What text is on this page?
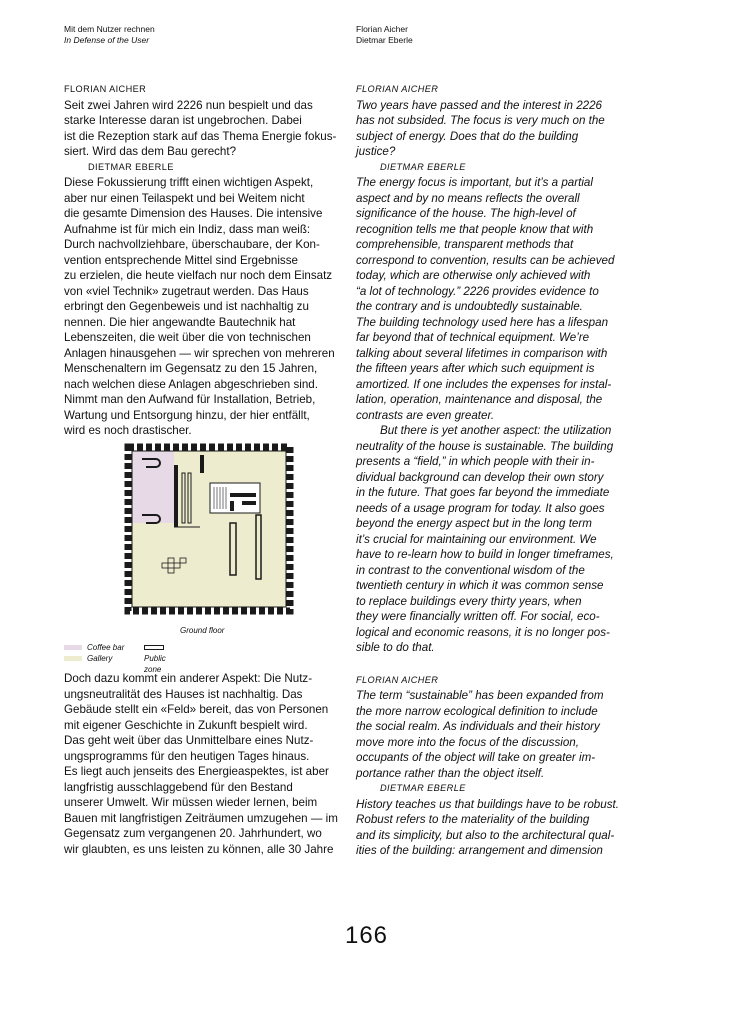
Mit dem Nutzer rechnen
In Defense of the User
Florian Aicher
Dietmar Eberle
FLORIAN AICHER
Seit zwei Jahren wird 2226 nun bespielt und das
starke Interesse daran ist ungebrochen. Dabei
ist die Rezeption stark auf das Thema Energie fokus-
siert. Wird das dem Bau gerecht?
DIETMAR EBERLE
Diese Fokussierung trifft einen wichtigen Aspekt,
aber nur einen Teilaspekt und bei Weitem nicht
die gesamte Dimension des Hauses. Die intensive
Aufnahme ist für mich ein Indiz, dass man weiß:
Durch nachvollziehbare, überschaubare, der Kon-
vention entsprechende Mittel sind Ergebnisse
zu erzielen, die heute vielfach nur noch dem Einsatz
von «viel Technik» zugetraut werden. Das Haus
erbringt den Gegenbeweis und ist nachhaltig zu
nennen. Die hier angewandte Bautechnik hat
Lebenszeiten, die weit über die von technischen
Anlagen hinausgehen — wir sprechen von mehreren
Menschenaltern im Gegensatz zu den 15 Jahren,
nach welchen diese Anlagen abgeschrieben sind.
Nimmt man den Aufwand für Installation, Betrieb,
Wartung und Entsorgung hinzu, der hier entfällt,
wird es noch drastischer.
Ground floor
Coffee bar
Public zone
Gallery
Doch dazu kommt ein anderer Aspekt: Die Nutz-
ungsneutralität des Hauses ist nachhaltig. Das
Gebäude stellt ein «Feld» bereit, das von Personen
mit eigener Geschichte in Zukunft bespielt wird.
Das geht weit über das Unmittelbare eines Nutz-
ungsprogramms für den heutigen Tages hinaus.
Es liegt auch jenseits des Energieaspektes, ist aber
langfristig ausschlaggebend für den Bestand
unserer Umwelt. Wir müssen wieder lernen, beim
Bauen mit langfristigen Zeiträumen umzugehen — im
Gegensatz zum vergangenen 20. Jahrhundert, wo
wir glaubten, es uns leisten zu können, alle 30 Jahre
FLORIAN AICHER
Two years have passed and the interest in 2226
has not subsided. The focus is very much on the
subject of energy. Does that do the building
justice?
DIETMAR EBERLE
The energy focus is important, but it’s a partial
aspect and by no means reflects the overall
significance of the house. The high-level of
recognition tells me that people know that with
comprehensible, transparent methods that
correspond to convention, results can be achieved
today, which are otherwise only achieved with
“a lot of technology.” 2226 provides evidence to
the contrary and is undoubtedly sustainable.
The building technology used here has a lifespan
far beyond that of technical equipment. We’re
talking about several lifetimes in comparison with
the fifteen years after which such equipment is
amortized. If one includes the expenses for instal-
lation, operation, maintenance and disposal, the
contrasts are even greater.
But there is yet another aspect: the utilization
neutrality of the house is sustainable. The building
presents a “field,” in which people with their in-
dividual background can develop their own story
in the future. That goes far beyond the immediate
needs of a usage program for today. It also goes
beyond the energy aspect but in the long term
it’s crucial for maintaining our environment. We
have to re-learn how to build in longer timeframes,
in contrast to the conventional wisdom of the
twentieth century in which it was common sense
to replace buildings every thirty years, when
they were financially written off. For social, eco-
logical and economic reasons, it is no longer pos-
sible to do that.
FLORIAN AICHER
The term “sustainable” has been expanded from
the more narrow ecological definition to include
the social realm. As individuals and their history
move more into the focus of the discussion,
occupants of the object will take on greater im-
portance rather than the object itself.
DIETMAR EBERLE
History teaches us that buildings have to be robust.
Robust refers to the materiality of the building
and its simplicity, but also to the architectural qual-
ities of the building: arrangement and dimension
166
